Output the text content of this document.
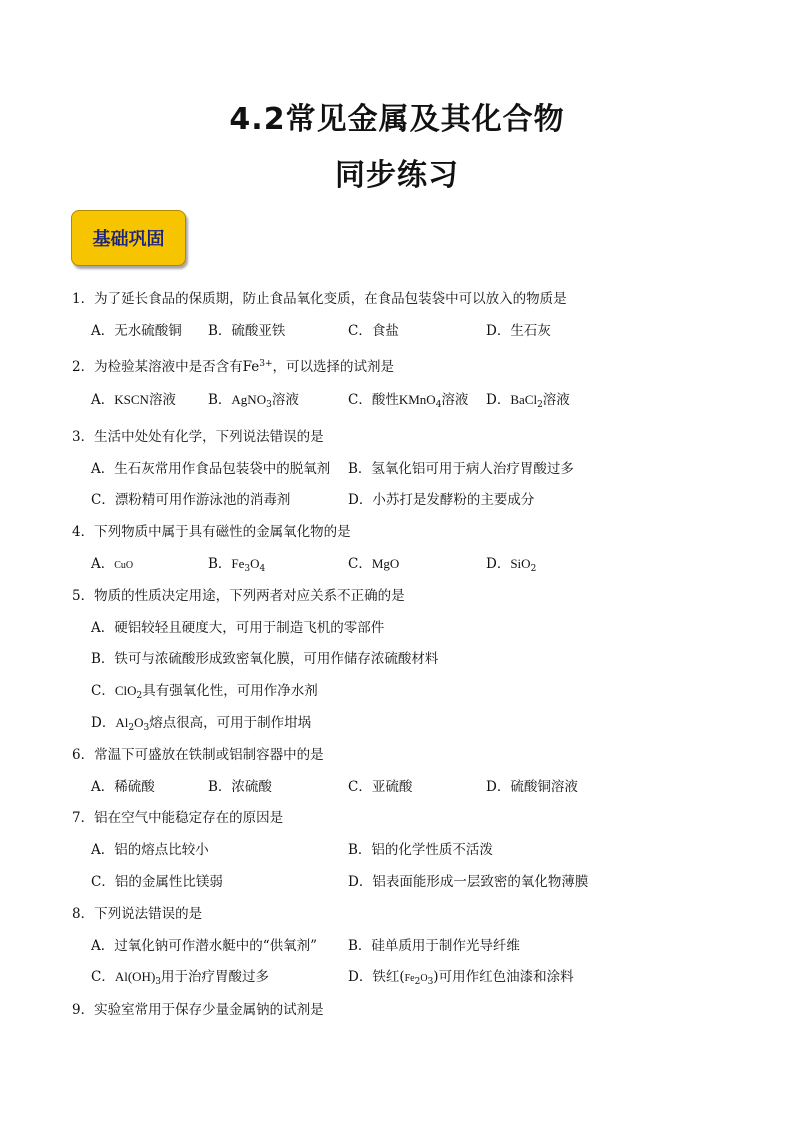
4.2常见金属及其化合物
同步练习
基础巩固
1．为了延长食品的保质期，防止食品氧化变质，在食品包装袋中可以放入的物质是
A．无水硫酸铜 B．硫酸亚铁	C．食盐	D．生石灰
2．为检验某溶液中是否含有$Fe^{3+}$，可以选择的试剂是
A．KSCN溶液 B．AgNO$_3$溶液	C．酸性KMnO$_4$溶液 D．BaCl$_2$溶液
3．生活中处处有化学，下列说法错误的是
A．生石灰常用作食品包装袋中的脱氧剂 B．氢氧化铝可用于病人治疗胃酸过多
C．漂粉精可用作游泳池的消毒剂	D．小苏打是发酵粉的主要成分
4．下列物质中属于具有磁性的金属氧化物的是
A．CuO	B．$Fe_3O_4$	C．MgO	D．SiO$_2$
5．物质的性质决定用途，下列两者对应关系不正确的是
A．硬铝较轻且硬度大，可用于制造飞机的零部件
B．铁可与浓硫酸形成致密氧化膜，可用作储存浓硫酸材料
C．ClO$_2$具有强氧化性，可用作净水剂
D．$Al_2O_3$熔点很高，可用于制作坩埚
6．常温下可盛放在铁制或铝制容器中的是
A．稀硫酸	B．浓硫酸	C．亚硫酸	D．硫酸铜溶液
7．铝在空气中能稳定存在的原因是
A．铝的熔点比较小	B．铝的化学性质不活泼
C．铝的金属性比镁弱	D．铝表面能形成一层致密的氧化物薄膜
8．下列说法错误的是
A．过氧化钠可作潜水艇中的“供氧剂” B．硅单质用于制作光导纤维
C．$Al(OH)_3$用于治疗胃酸过多	D．铁红$(Fe_2O_3)$可用作红色油漆和涂料
9．实验室常用于保存少量金属钠的试剂是
